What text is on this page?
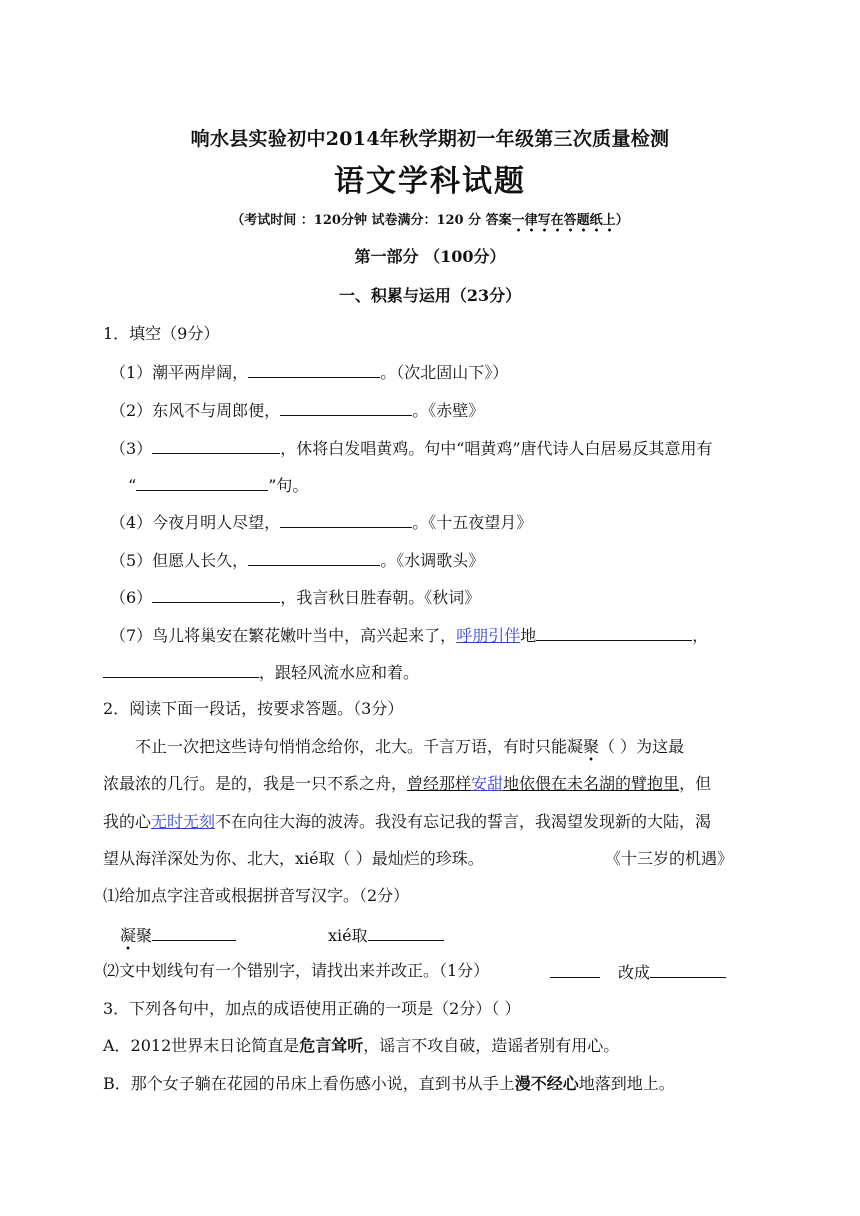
响水县实验初中2014年秋学期初一年级第三次质量检测
语文学科试题
（考试时间 ：120分钟 试卷满分：120 分 答案一律写在答题纸上）
第一部分 （100分）
一、积累与运用（23分）
1．填空（9分）
（1）潮平两岸阔，	。（次北固山下》）
（2）东风不与周郎便，	。《赤壁》
（3）	，休将白发唱黄鸡。句中“唱黄鸡”唐代诗人白居易反其意用有
“	”句。
（4）今夜月明人尽望，	。《十五夜望月》
（5）但愿人长久，	。《水调歌头》
（6）	，我言秋日胜春朝。《秋词》
（7）鸟儿将巢安在繁花嫩叶当中，高兴起来了，呼朋引伴地	，
，跟轻风流水应和着。
2．阅读下面一段话，按要求答题。（3分）
不止一次把这些诗句悄悄念给你，北大。千言万语，有时只能凝聚（ ）为这最
浓最浓的几行。是的，我是一只不系之舟，曾经那样安甜地依偎在未名湖的臂抱里，但
我的心无时无刻不在向往大海的波涛。我没有忘记我的誓言，我渴望发现新的大陆，渴
望从海洋深处为你、北大，xié取（ ）最灿烂的珍珠。	《十三岁的机遇》
⑴给加点字注音或根据拼音写汉字。（2分）
凝聚	xié取
⑵文中划线句有一个错别字，请找出来并改正。（1分）	改成
3．下列各句中，加点的成语使用正确的一项是（2分）（ ）
A．2012世界末日论简直是危言耸听，谣言不攻自破，造谣者别有用心。
B．那个女子躺在花园的吊床上看伤感小说，直到书从手上漫不经心地落到地上。
